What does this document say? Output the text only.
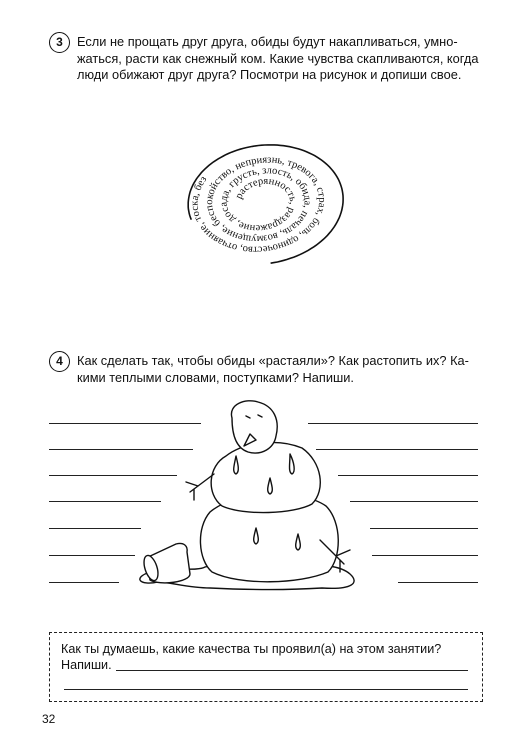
3	Если не прощать друг друга, обиды будут накапливаться, умно-
жаться, расти как снежный ком. Какие чувства скапливаются, когда
люди обижают друг друга? Посмотри на рисунок и допиши свое.
растерянность, раздражение, досада, грусть, злость, обида, печаль, возмущение, беспокойство, неприязнь, тревога, страх, боль, одиночество, отчаяние, тоска, без
4	Как сделать так, чтобы обиды «растаяли»? Как растопить их? Ка-
кими теплыми словами, поступками? Напиши.
Как ты думаешь, какие качества ты проявил(а) на этом занятии?
Напиши.
32
